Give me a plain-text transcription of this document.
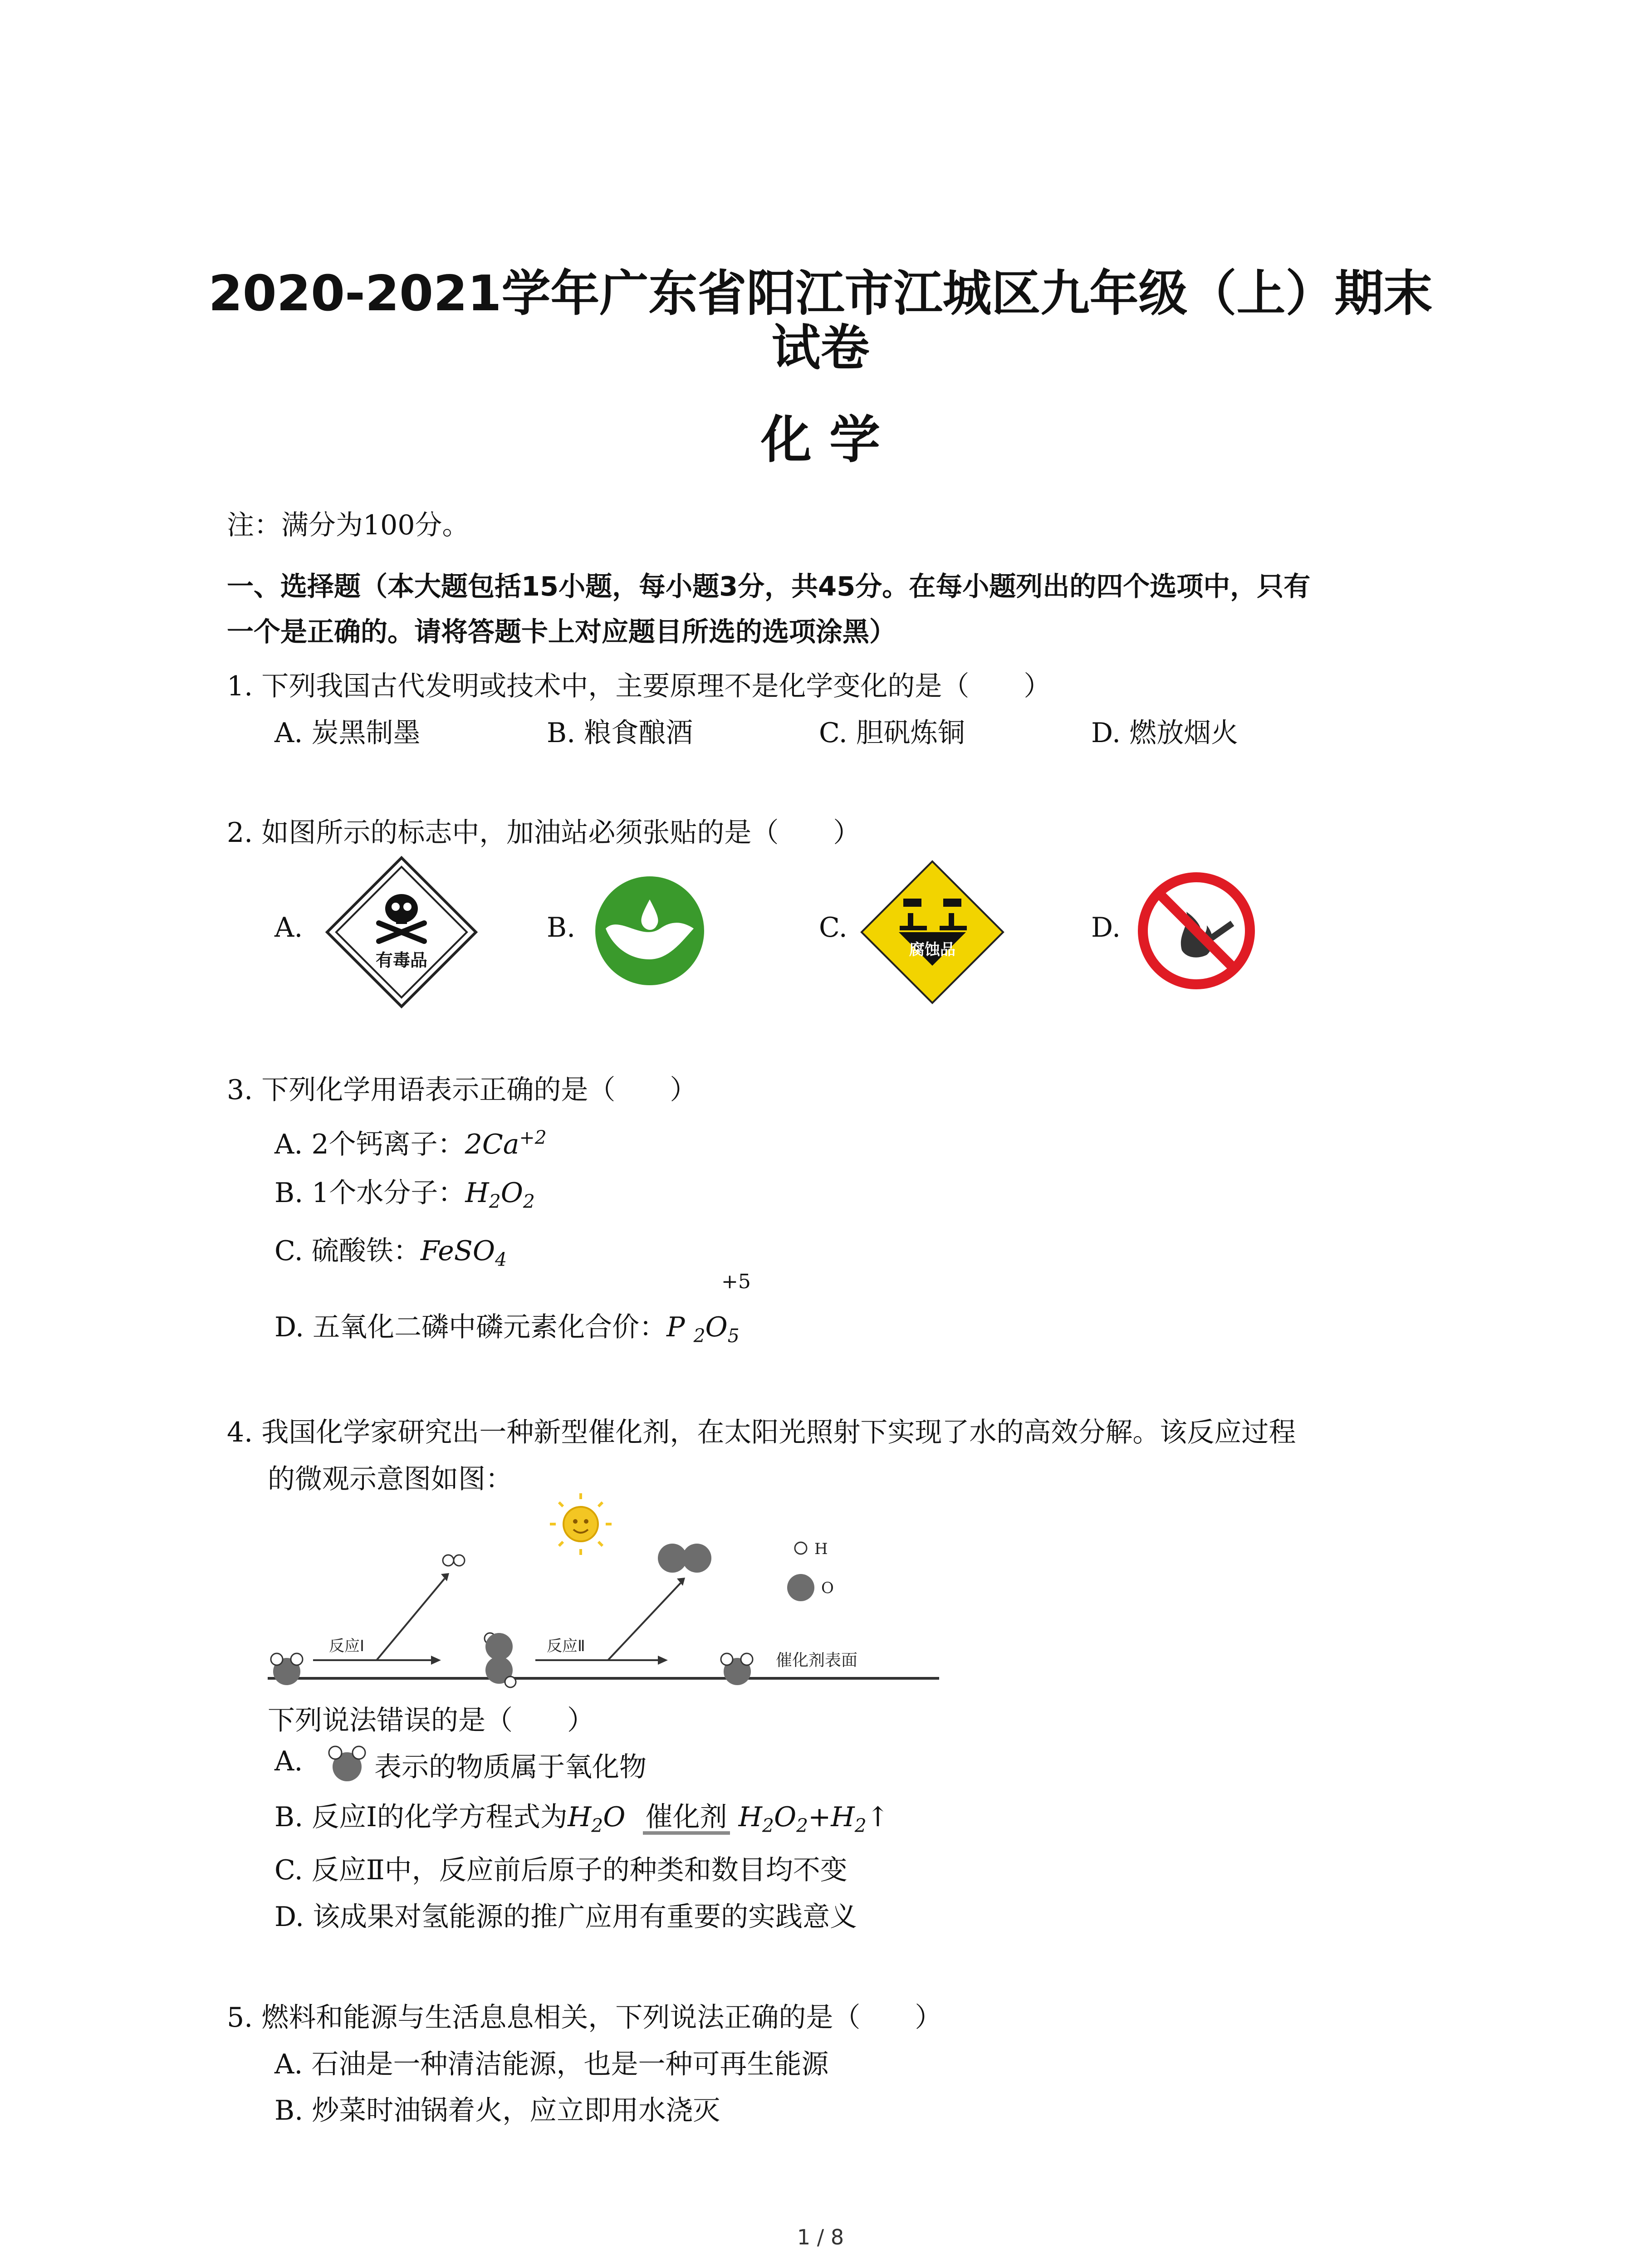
2020-2021学年广东省阳江市江城区九年级（上）期末
试卷
化 学
注：满分为100分。
一、选择题（本大题包括15小题，每小题3分，共45分。在每小题列出的四个选项中，只有
一个是正确的。请将答题卡上对应题目所选的选项涂黑）
1. 下列我国古代发明或技术中，主要原理不是化学变化的是（　　）
A. 炭黑制墨	B. 粮食酿酒	C. 胆矾炼铜	D. 燃放烟火
2. 如图所示的标志中，加油站必须张贴的是（　　）
A.	B.	C.	D.
有毒品
腐蚀品
3. 下列化学用语表示正确的是（　　）
A. 2个钙离子：$2Ca^{+2}$
B. 1个水分子：$H_2O_2$
C. 硫酸铁：FeSO$_4$
+5
D. 五氧化二磷中磷元素化合价：P $_2O_5$
4. 我国化学家研究出一种新型催化剂，在太阳光照射下实现了水的高效分解。该反应过程
的微观示意图如图：
反应Ⅰ	反应Ⅱ
催化剂表面
H
O
下列说法错误的是（　　）
A.	表示的物质属于氧化物
B. 反应Ⅰ的化学方程式为$H_2O$ 催化剂 $H_2O_2+H_2↑$
C. 反应Ⅱ中，反应前后原子的种类和数目均不变
D. 该成果对氢能源的推广应用有重要的实践意义
5. 燃料和能源与生活息息相关，下列说法正确的是（　　）
A. 石油是一种清洁能源，也是一种可再生能源
B. 炒菜时油锅着火，应立即用水浇灭
1 / 8
